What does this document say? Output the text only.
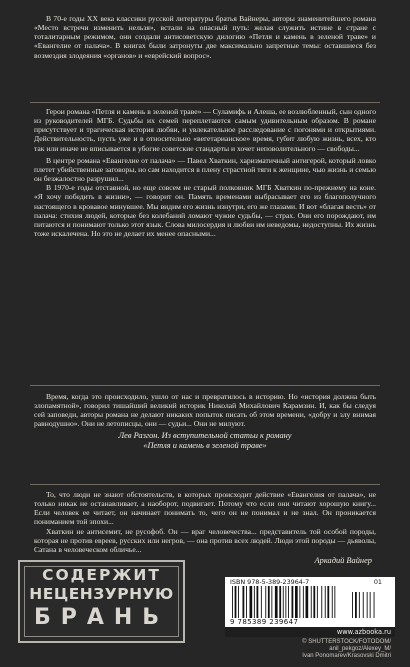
В 70-е годы XX века классики русской литературы братья Вайнеры, авторы знаменитейшего романа «Место встречи изменить нельзя», встали на опасный путь: желая служить истине в стране с тоталитарным режимом, они создали антисоветскую дилогию «Петля и камень в зеленой траве» и «Евангелие от палача». В книгах были затронуты две максимально запретные темы: оставшиеся без возмездия злодеяния «органов» и «еврейский вопрос».

Герои романа «Петля и камень в зеленой траве» — Суламифь и Алеша, ее возлюбленный, сын одного из руководителей МГБ. Судьбы их семей переплетаются самым удивительным образом. В романе присутствует и трагическая история любви, и увлекательное расследование с погонями и открытиями. Действительность, пусть уже и в относительно «вегетарианское» время, губит любую жизнь, всех, кто так или иначе не вписывается в убогие советские стандарты и хочет неповолительного — свободы...

В центре романа «Евангелие от палача» — Павел Хваткин, харизматичный антигерой, который ловко плетет убийственные заговоры, но сам находится в плену страстной тяги к женщине, чью жизнь и семью он безжалостно разрушил...

В 1970-е годы отставной, но еще совсем не старый полковник МГБ Хваткин по-прежнему на коне. «Я хочу победить в жизни», — говорит он. Память временами выбрасывает его из благополучного настоящего в кровавое минувшее. Мы видим его жизнь изнутри, его же глазами. И вот «благая весть» от палача: стихия людей, которые без колебаний ломают чужие судьбы, — страх. Они его порождают, им питаются и понимают только этот язык. Слова милосердия и любви им неведомы, недоступны. Их жизнь тоже искалечена. Но это не делает их менее опасными...

Время, когда это происходило, ушло от нас и превратилось в историю. Но «история должна быть злопамятной», говорил тишайший великий историк Николай Михайлович Карамзин. И, как бы следуя сей заповеди, авторы романа не делают никаких попыток писать об этом времени, «добру и злу внимая равнодушно». Они не летописцы, они — судьи... Они не милуют.

Лев Разгон. Из вступительной статьи к роману
«Петля и камень в зеленой траве»

То, что люди не знают обстоятельств, в которых происходит действие «Евангелия от палача», не только никак не останавливает, а наоборот, подвигает. Потому что если они читают хорошую книгу... Если человек ее читает, он начинает понимать то, чего он не понимал и не знал. Он проникается пониманием той эпохи...

Хваткин не антисемит, не русофоб. Он — враг человечества... представитель той особой породы, которая не против евреев, русских или негров, — она против всех людей. Люди этой породы — дьяволы, Сатана в человеческом обличье...

Аркадий Вайнер

СОДЕРЖИТ
НЕЦЕНЗУРНУЮ
БРАНЬ
ISBN 978-5-389-23964-7	01
9 785389 239647
www.azbooka.ru
© SHUTTERSTOCK/FOTODOM/
anil_pekgoz/Alexey_M/
Ivan Ponomarev/Krasovski Dmitri
